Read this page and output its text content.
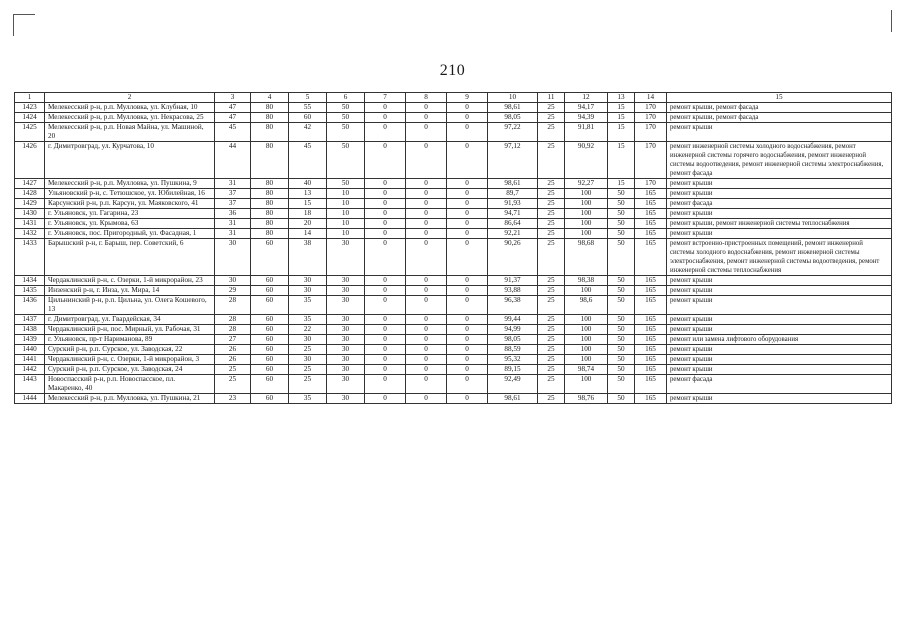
210
1	2	3	4	5	6	7	8	9	10	11	12	13	14	15
1423	Мелекесский р-н, р.п. Мулловка, ул. Клубная, 10	47	80	55	50	0	0	0	98,61	25	94,17	15	170	ремонт крыши, ремонт фасада
1424	Мелекесский р-н, р.п. Мулловка, ул. Некрасова, 25	47	80	60	50	0	0	0	98,05	25	94,39	15	170	ремонт крыши, ремонт фасада
1425	Мелекесский р-н, р.п. Новая Майна, ул. Машиной, 20	45	80	42	50	0	0	0	97,22	25	91,81	15	170	ремонт крыши
1426	г. Димитровград, ул. Курчатова, 10	44	80	45	50	0	0	0	97,12	25	90,92	15	170	ремонт инженерной системы холодного водоснабжения, ремонт инженерной системы горячего водоснабжения, ремонт инженерной системы водоотведения, ремонт инженерной системы электроснабжения, ремонт фасада
1427	Мелекесский р-н, р.п. Мулловка, ул. Пушкина, 9	31	80	40	50	0	0	0	98,61	25	92,27	15	170	ремонт крыши
1428	Ульяновский р-н, с. Тетюшское, ул. Юбилейная, 16	37	80	13	10	0	0	0	89,7	25	100	50	165	ремонт крыши
1429	Карсунский р-н, р.п. Карсун, ул. Маяковского, 41	37	80	15	10	0	0	0	91,93	25	100	50	165	ремонт фасада
1430	г. Ульяновск, ул. Гагарина, 23	36	80	18	10	0	0	0	94,71	25	100	50	165	ремонт крыши
1431	г. Ульяновск, ул. Крымова, 63	31	80	20	10	0	0	0	86,64	25	100	50	165	ремонт крыши, ремонт инженерной системы теплоснабжения
1432	г. Ульяновск, пос. Пригородный, ул. Фасадная, 1	31	80	14	10	0	0	0	92,21	25	100	50	165	ремонт крыши
1433	Барышский р-н, г. Барыш, пер. Советский, 6	30	60	38	30	0	0	0	90,26	25	98,68	50	165	ремонт встроенно-пристроенных помещений, ремонт инженерной системы холодного водоснабжения, ремонт инженерной системы электроснабжения, ремонт инженерной системы водоотведения, ремонт инженерной системы теплоснабжения
1434	Чердаклинский р-н, с. Озерки, 1-й микрорайон, 23	30	60	30	30	0	0	0	91,37	25	98,38	50	165	ремонт крыши
1435	Инзенский р-н, г. Инза, ул. Мира, 14	29	60	30	30	0	0	0	93,88	25	100	50	165	ремонт крыши
1436	Цильнинский р-н, р.п. Цильна, ул. Олега Кошевого, 13	28	60	35	30	0	0	0	96,38	25	98,6	50	165	ремонт крыши
1437	г. Димитровград, ул. Гвардейская, 34	28	60	35	30	0	0	0	99,44	25	100	50	165	ремонт крыши
1438	Чердаклинский р-н, пос. Мирный, ул. Рабочая, 31	28	60	22	30	0	0	0	94,99	25	100	50	165	ремонт крыши
1439	г. Ульяновск, пр-т Нариманова, 89	27	60	30	30	0	0	0	98,05	25	100	50	165	ремонт или замена лифтового оборудования
1440	Сурский р-н, р.п. Сурское, ул. Заводская, 22	26	60	25	30	0	0	0	88,59	25	100	50	165	ремонт крыши
1441	Чердаклинский р-н, с. Озерки, 1-й микрорайон, 3	26	60	30	30	0	0	0	95,32	25	100	50	165	ремонт крыши
1442	Сурский р-н, р.п. Сурское, ул. Заводская, 24	25	60	25	30	0	0	0	89,15	25	98,74	50	165	ремонт крыши
1443	Новоспасский р-н, р.п. Новоспасское, пл. Макаренко, 40	25	60	25	30	0	0	0	92,49	25	100	50	165	ремонт фасада
1444	Мелекесский р-н, р.п. Мулловка, ул. Пушкина, 21	23	60	35	30	0	0	0	98,61	25	98,76	50	165	ремонт крыши
